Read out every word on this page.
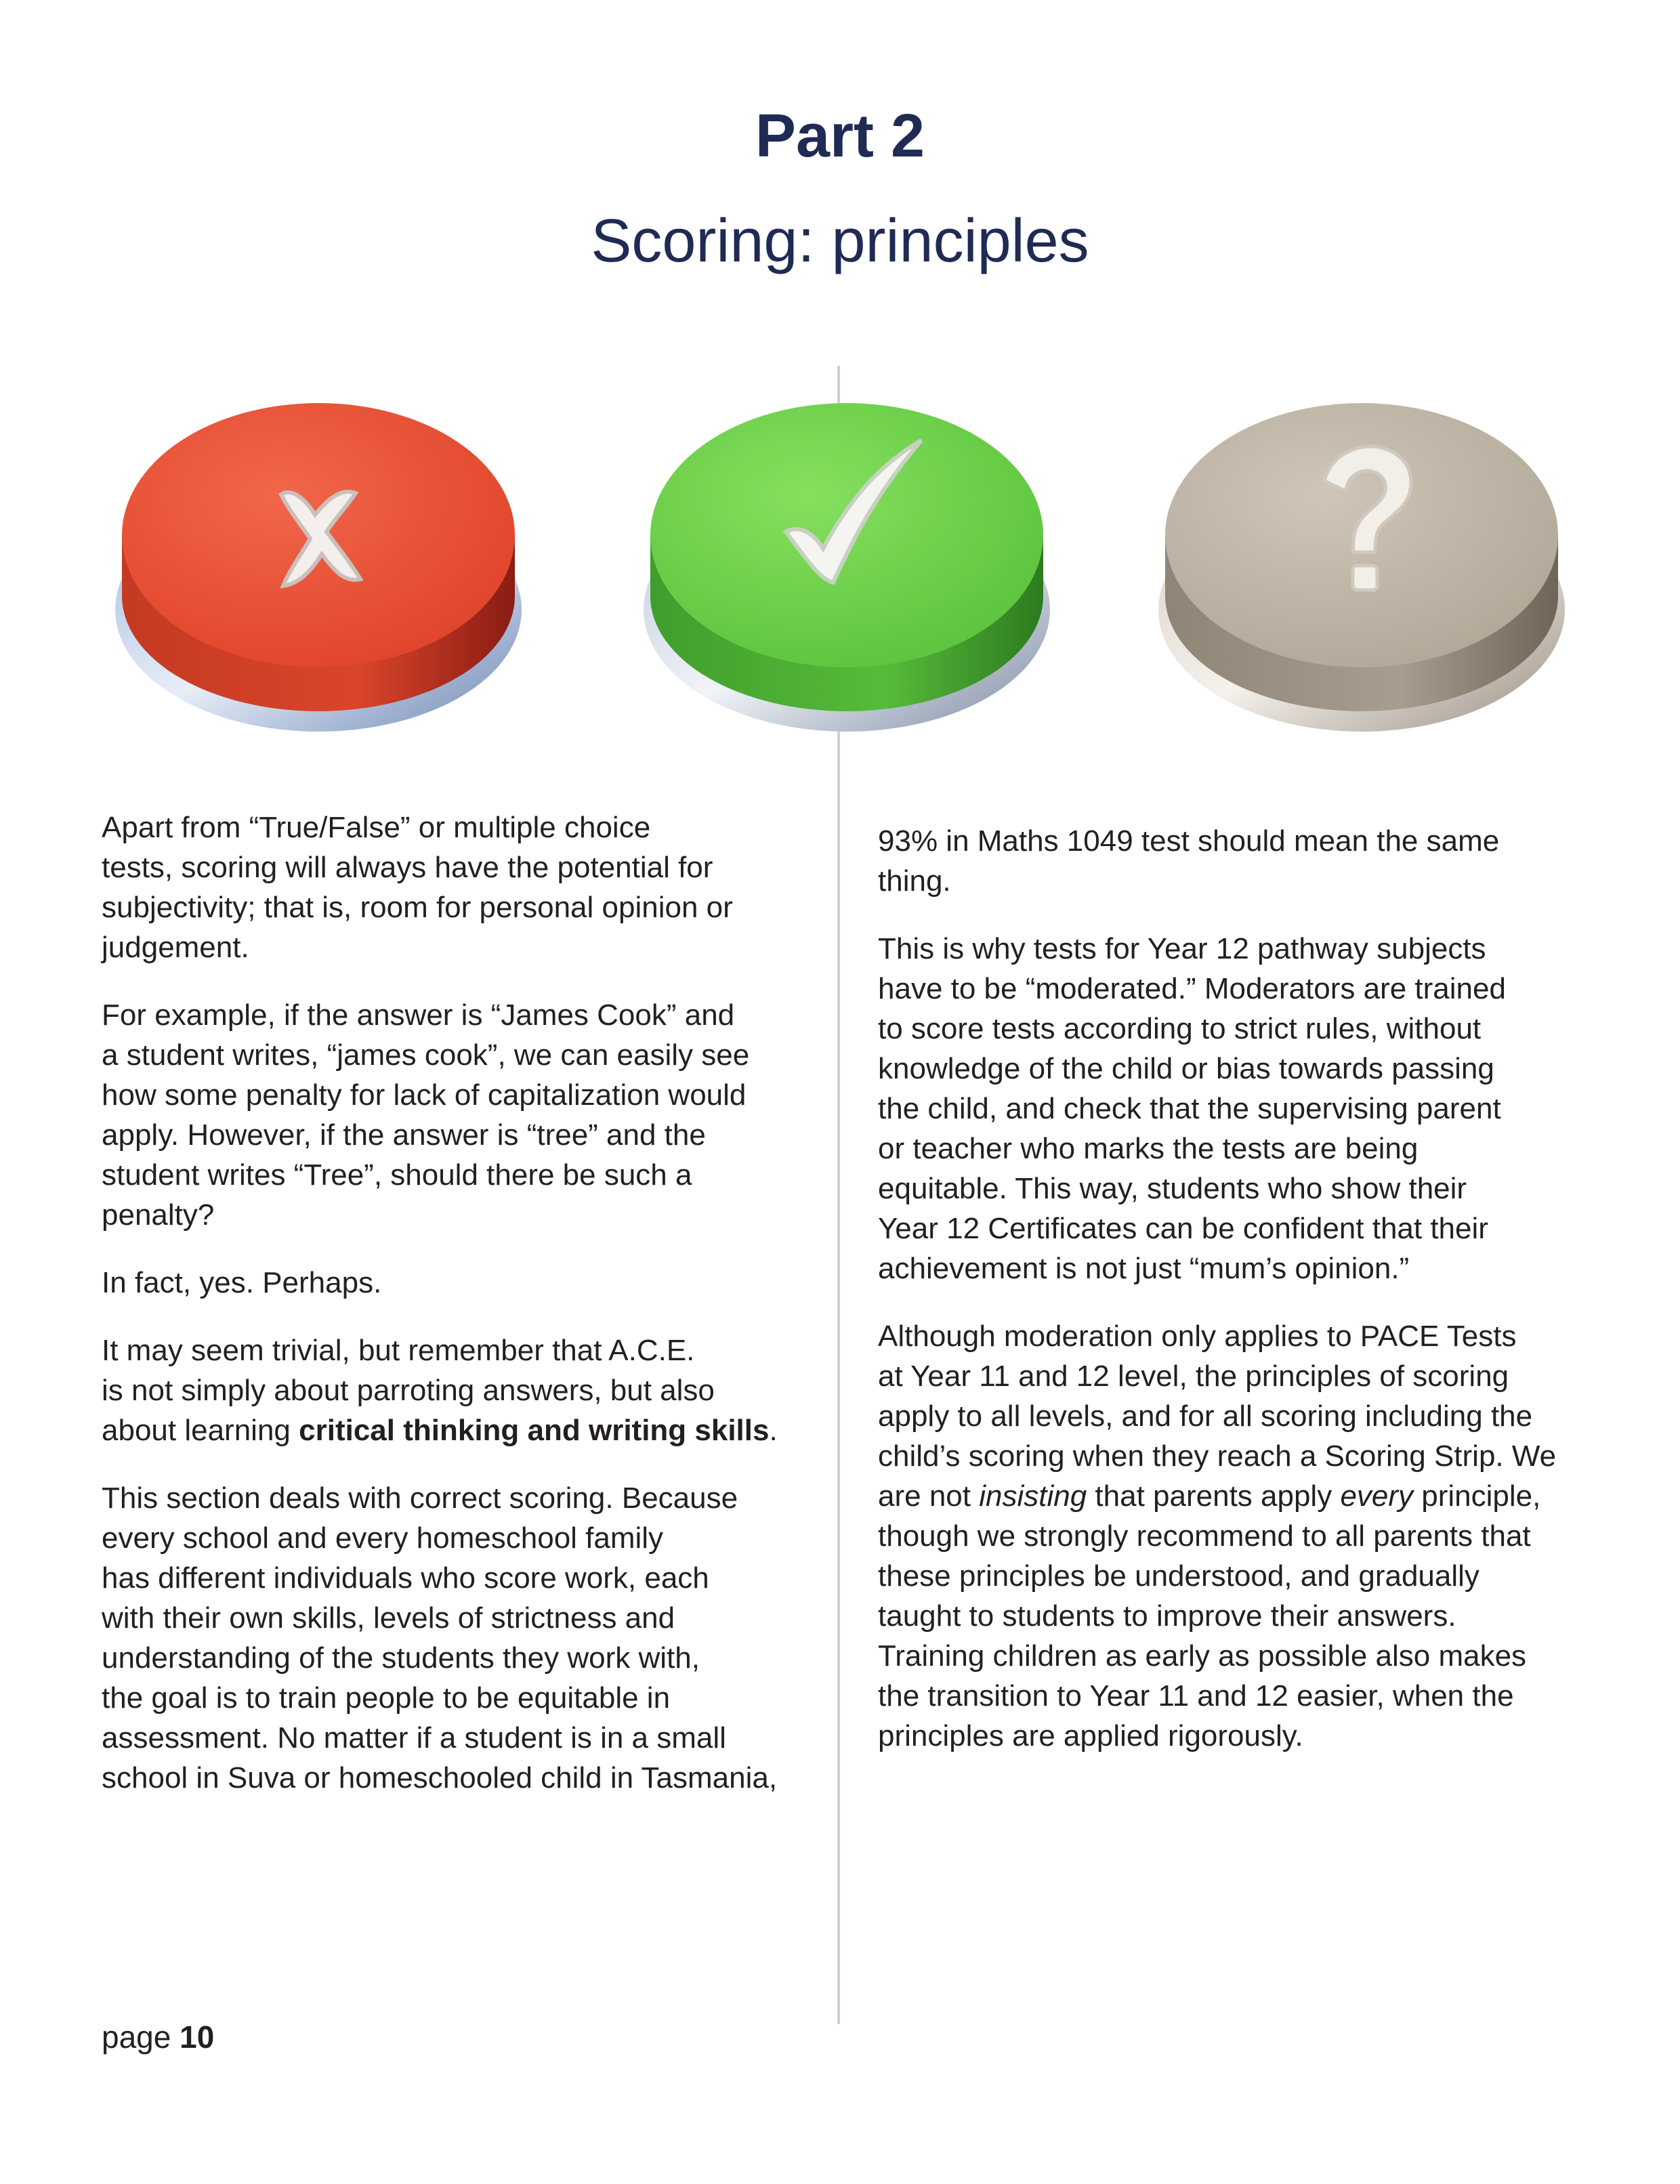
Part 2
Scoring: principles

Apart from “True/False” or multiple choice
tests, scoring will always have the potential for
subjectivity; that is, room for personal opinion or
judgement.

For example, if the answer is “James Cook” and
a student writes, “james cook”, we can easily see
how some penalty for lack of capitalization would
apply. However, if the answer is “tree” and the
student writes “Tree”, should there be such a
penalty?

In fact, yes. Perhaps.

It may seem trivial, but remember that A.C.E.
is not simply about parroting answers, but also
about learning critical thinking and writing skills.

This section deals with correct scoring. Because
every school and every homeschool family
has different individuals who score work, each
with their own skills, levels of strictness and
understanding of the students they work with,
the goal is to train people to be equitable in
assessment. No matter if a student is in a small
school in Suva or homeschooled child in Tasmania,

93% in Maths 1049 test should mean the same
thing.

This is why tests for Year 12 pathway subjects
have to be “moderated.” Moderators are trained
to score tests according to strict rules, without
knowledge of the child or bias towards passing
the child, and check that the supervising parent
or teacher who marks the tests are being
equitable. This way, students who show their
Year 12 Certificates can be confident that their
achievement is not just “mum’s opinion.”

Although moderation only applies to PACE Tests
at Year 11 and 12 level, the principles of scoring
apply to all levels, and for all scoring including the
child’s scoring when they reach a Scoring Strip. We
are not insisting that parents apply every principle,
though we strongly recommend to all parents that
these principles be understood, and gradually
taught to students to improve their answers.
Training children as early as possible also makes
the transition to Year 11 and 12 easier, when the
principles are applied rigorously.

page 10
